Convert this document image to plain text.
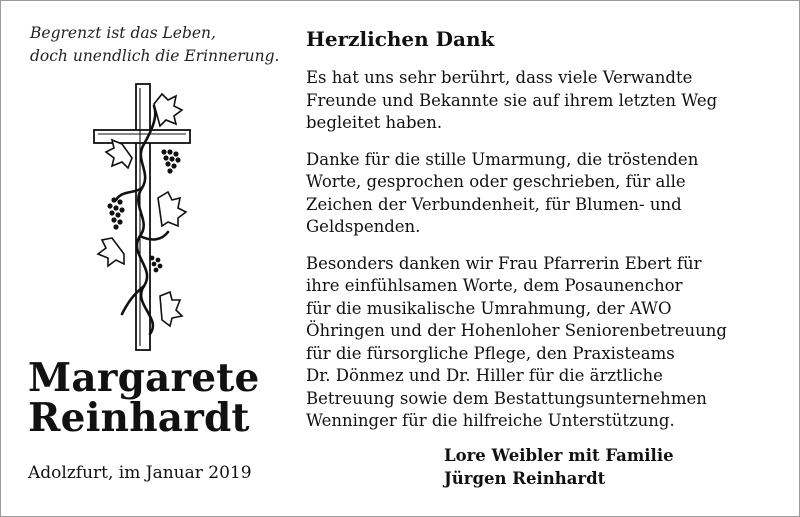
Begrenzt ist das Leben,
doch unendlich die Erinnerung.

Margarete
Reinhardt

Adolzfurt, im Januar 2019

Herzlichen Dank

Es hat uns sehr berührt, dass viele Verwandte
Freunde und Bekannte sie auf ihrem letzten Weg
begleitet haben.

Danke für die stille Umarmung, die tröstenden
Worte, gesprochen oder geschrieben, für alle
Zeichen der Verbundenheit, für Blumen- und
Geldspenden.

Besonders danken wir Frau Pfarrerin Ebert für
ihre einfühlsamen Worte, dem Posaunenchor
für die musikalische Umrahmung, der AWO
Öhringen und der Hohenloher Seniorenbetreuung
für die fürsorgliche Pflege, den Praxisteams
Dr. Dönmez und Dr. Hiller für die ärztliche
Betreuung sowie dem Bestattungsunternehmen
Wenninger für die hilfreiche Unterstützung.

Lore Weibler mit Familie
Jürgen Reinhardt
